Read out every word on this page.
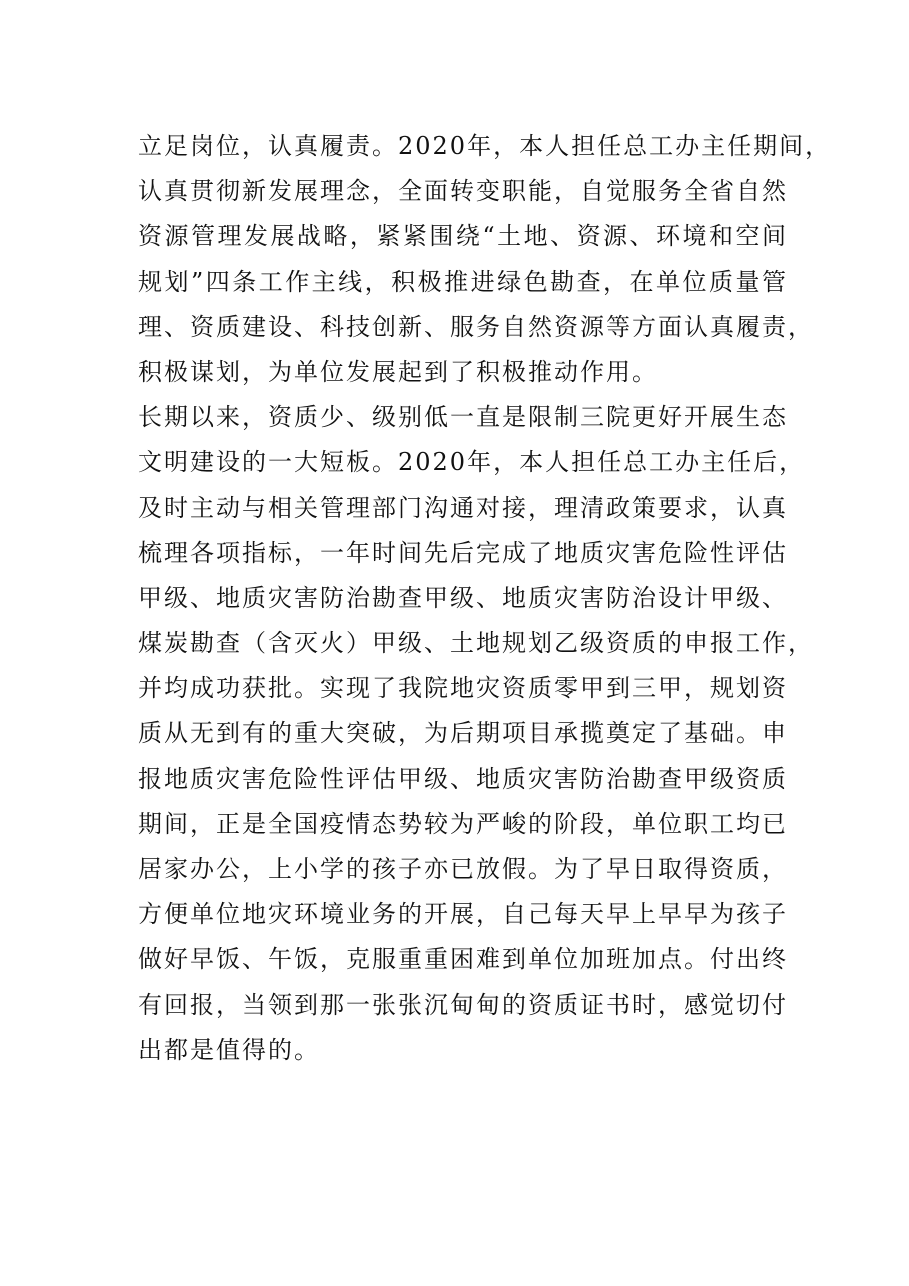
立足岗位，认真履责。2020年，本人担任总工办主任期间，
认真贯彻新发展理念，全面转变职能，自觉服务全省自然
资源管理发展战略，紧紧围绕“土地、资源、环境和空间
规划”四条工作主线，积极推进绿色勘查，在单位质量管
理、资质建设、科技创新、服务自然资源等方面认真履责，
积极谋划，为单位发展起到了积极推动作用。
长期以来，资质少、级别低一直是限制三院更好开展生态
文明建设的一大短板。2020年，本人担任总工办主任后，
及时主动与相关管理部门沟通对接，理清政策要求，认真
梳理各项指标，一年时间先后完成了地质灾害危险性评估
甲级、地质灾害防治勘查甲级、地质灾害防治设计甲级、
煤炭勘查（含灭火）甲级、土地规划乙级资质的申报工作，
并均成功获批。实现了我院地灾资质零甲到三甲，规划资
质从无到有的重大突破，为后期项目承揽奠定了基础。申
报地质灾害危险性评估甲级、地质灾害防治勘查甲级资质
期间，正是全国疫情态势较为严峻的阶段，单位职工均已
居家办公，上小学的孩子亦已放假。为了早日取得资质，
方便单位地灾环境业务的开展，自己每天早上早早为孩子
做好早饭、午饭，克服重重困难到单位加班加点。付出终
有回报，当领到那一张张沉甸甸的资质证书时，感觉切付
出都是值得的。
